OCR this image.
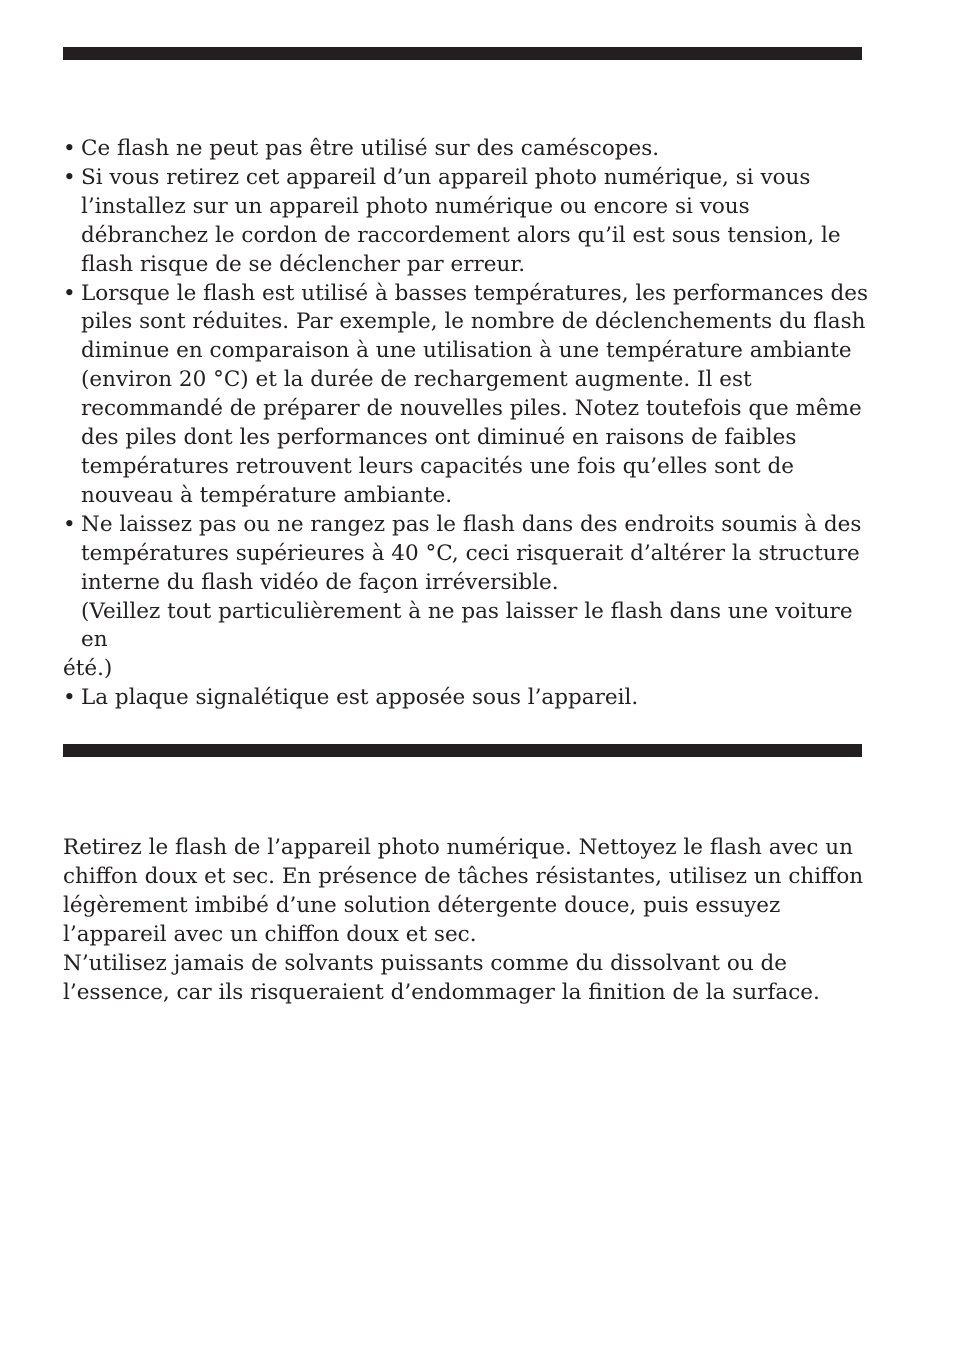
• Ce flash ne peut pas être utilisé sur des caméscopes.
• Si vous retirez cet appareil d’un appareil photo numérique, si vous l’installez sur un appareil photo numérique ou encore si vous débranchez le cordon de raccordement alors qu’il est sous tension, le flash risque de se déclencher par erreur.
• Lorsque le flash est utilisé à basses températures, les performances des piles sont réduites. Par exemple, le nombre de déclenchements du flash diminue en comparaison à une utilisation à une température ambiante (environ 20 °C) et la durée de rechargement augmente. Il est recommandé de préparer de nouvelles piles. Notez toutefois que même des piles dont les performances ont diminué en raisons de faibles températures retrouvent leurs capacités une fois qu’elles sont de nouveau à température ambiante.
• Ne laissez pas ou ne rangez pas le flash dans des endroits soumis à des températures supérieures à 40 °C, ceci risquerait d’altérer la structure interne du flash vidéo de façon irréversible.
(Veillez tout particulièrement à ne pas laisser le flash dans une voiture en
été.)
• La plaque signalétique est apposée sous l’appareil.

Retirez le flash de l’appareil photo numérique. Nettoyez le flash avec un chiffon doux et sec. En présence de tâches résistantes, utilisez un chiffon légèrement imbibé d’une solution détergente douce, puis essuyez l’appareil avec un chiffon doux et sec.

N’utilisez jamais de solvants puissants comme du dissolvant ou de l’essence, car ils risqueraient d’endommager la finition de la surface.
